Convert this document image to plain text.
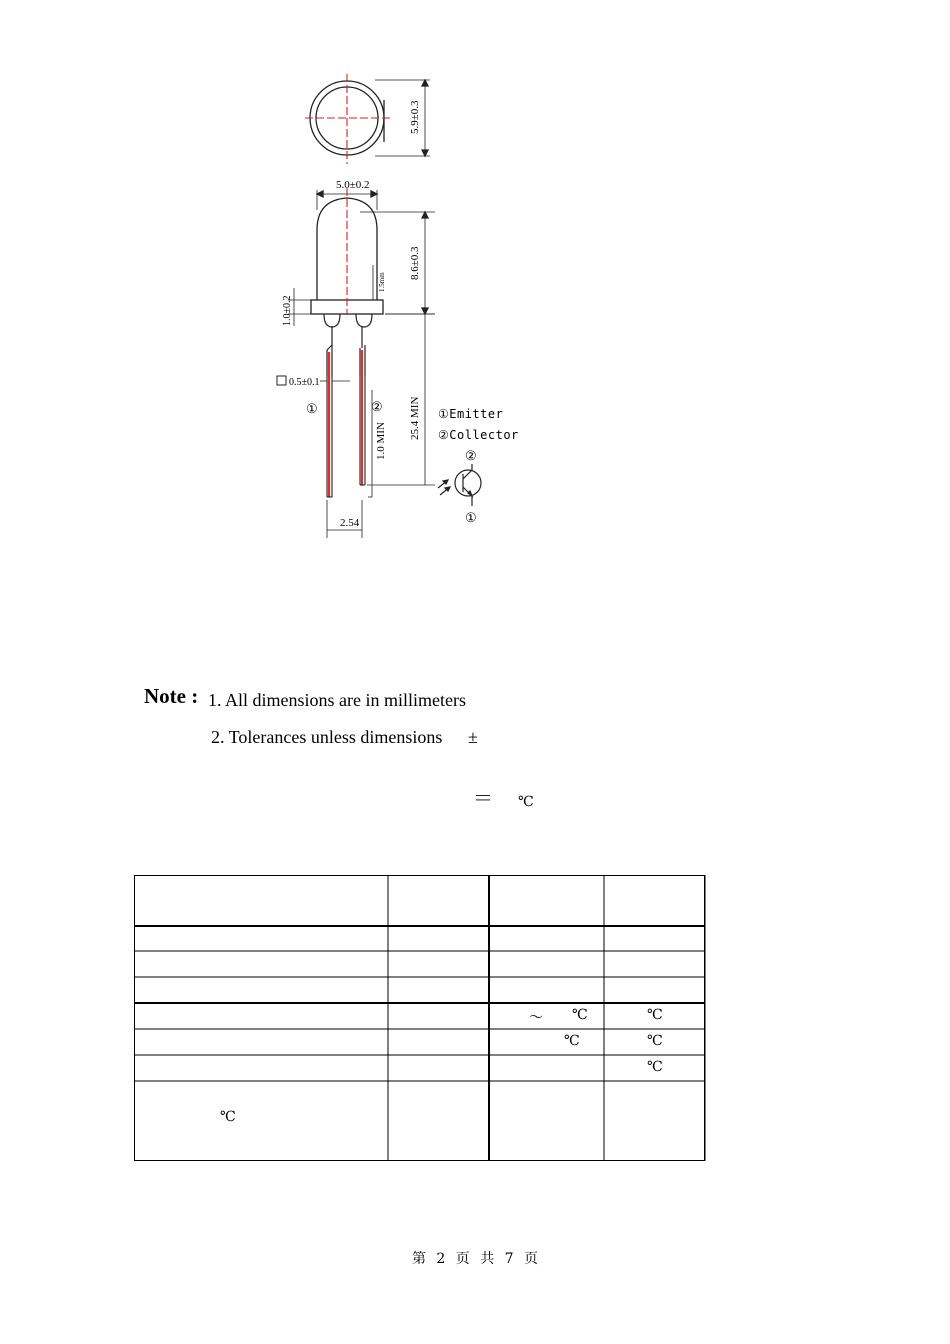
5.9±0.3
5.0±0.2
8.6±0.3
1.0±0.2
1.5mm
0.5±0.1
25.4 MIN
1.0 MIN
2.54
①	②	①Emitter
②Collector
②
①
Note : 1. All dimensions are in millimeters
2. Tolerances unless dimensions ±
＝ ℃
～ ℃
℃
℃
℃
℃
℃
第 2 页 共 7 页
